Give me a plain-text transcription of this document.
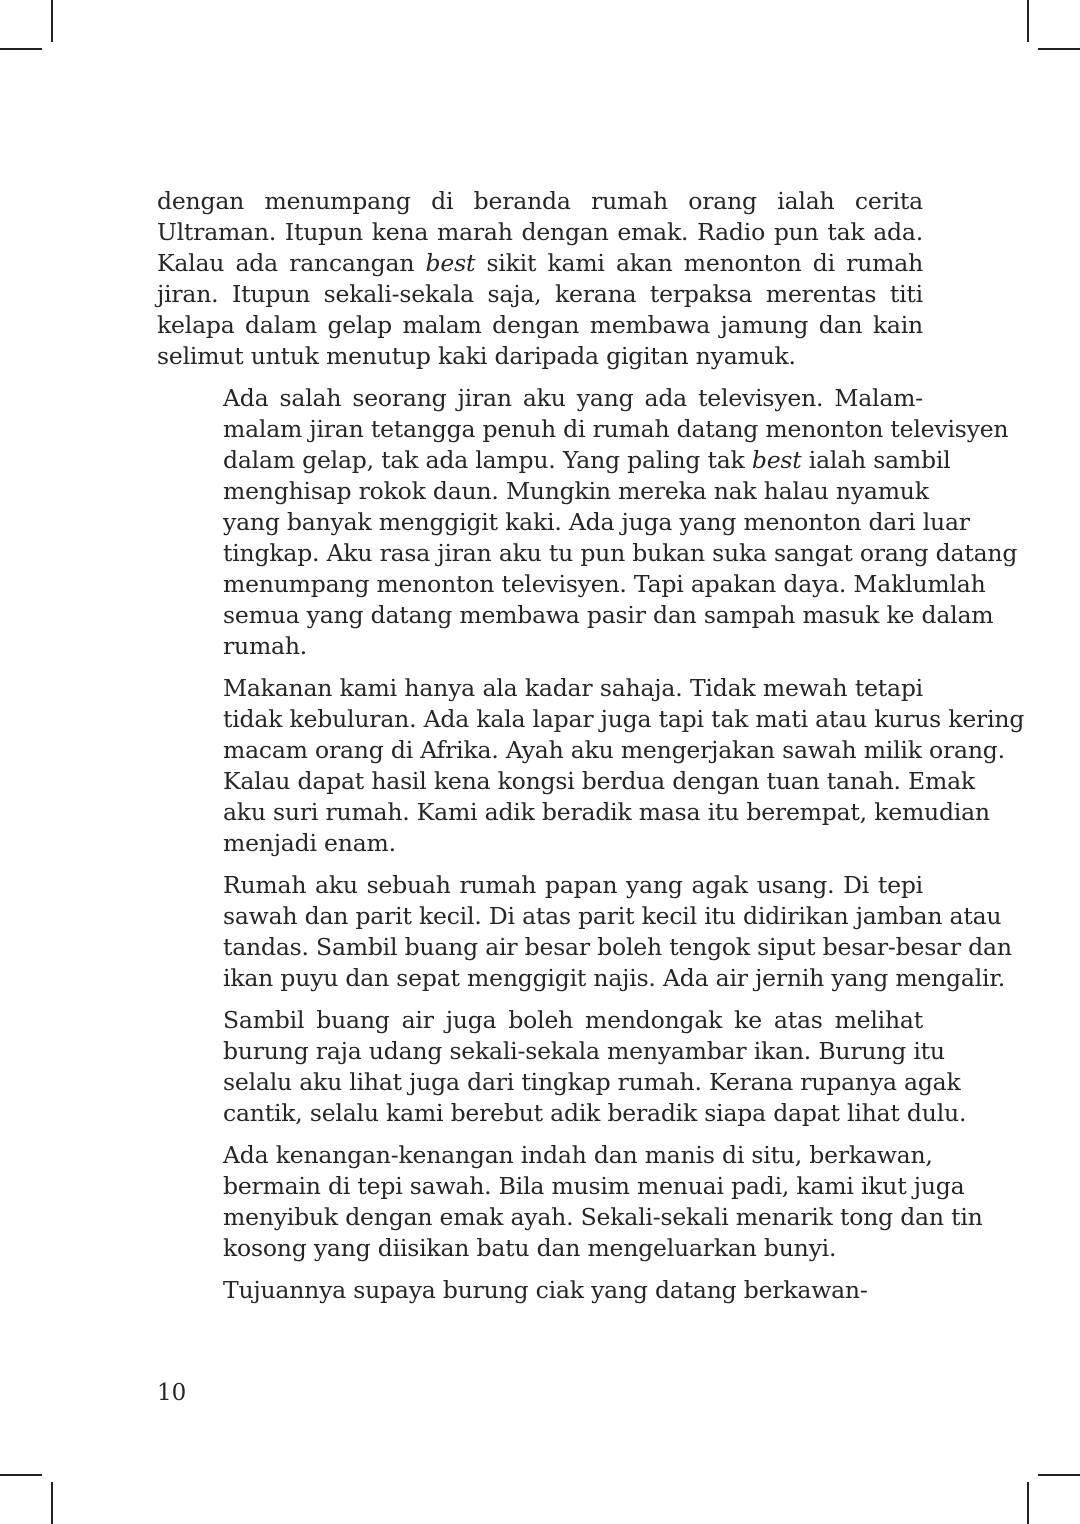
dengan menumpang di beranda rumah orang ialah cerita
Ultraman. Itupun kena marah dengan emak. Radio pun tak ada.
Kalau ada rancangan best sikit kami akan menonton di rumah
jiran. Itupun sekali-sekala saja, kerana terpaksa merentas titi
kelapa dalam gelap malam dengan membawa jamung dan kain
selimut untuk menutup kaki daripada gigitan nyamuk.

Ada salah seorang jiran aku yang ada televisyen. Malam-
malam jiran tetangga penuh di rumah datang menonton televisyen
dalam gelap, tak ada lampu. Yang paling tak best ialah sambil
menghisap rokok daun. Mungkin mereka nak halau nyamuk
yang banyak menggigit kaki. Ada juga yang menonton dari luar
tingkap. Aku rasa jiran aku tu pun bukan suka sangat orang datang
menumpang menonton televisyen. Tapi apakan daya. Maklumlah
semua yang datang membawa pasir dan sampah masuk ke dalam
rumah.

Makanan kami hanya ala kadar sahaja. Tidak mewah tetapi
tidak kebuluran. Ada kala lapar juga tapi tak mati atau kurus kering
macam orang di Afrika. Ayah aku mengerjakan sawah milik orang.
Kalau dapat hasil kena kongsi berdua dengan tuan tanah. Emak
aku suri rumah. Kami adik beradik masa itu berempat, kemudian
menjadi enam.

Rumah aku sebuah rumah papan yang agak usang. Di tepi
sawah dan parit kecil. Di atas parit kecil itu didirikan jamban atau
tandas. Sambil buang air besar boleh tengok siput besar-besar dan
ikan puyu dan sepat menggigit najis. Ada air jernih yang mengalir.

Sambil buang air juga boleh mendongak ke atas melihat
burung raja udang sekali-sekala menyambar ikan. Burung itu
selalu aku lihat juga dari tingkap rumah. Kerana rupanya agak
cantik, selalu kami berebut adik beradik siapa dapat lihat dulu.

Ada kenangan-kenangan indah dan manis di situ, berkawan,
bermain di tepi sawah. Bila musim menuai padi, kami ikut juga
menyibuk dengan emak ayah. Sekali-sekali menarik tong dan tin
kosong yang diisikan batu dan mengeluarkan bunyi.

Tujuannya supaya burung ciak yang datang berkawan-

10
